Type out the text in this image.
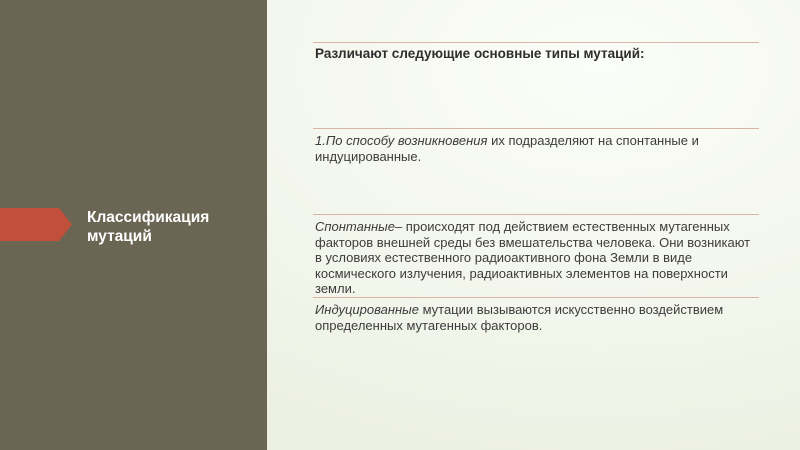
Классификация мутаций
Различают следующие основные типы мутаций:
1.По способу возникновения их подразделяют на спонтанные и индуцированные.
Спонтанные– происходят под действием естественных мутагенных факторов внешней среды без вмешательства человека. Они возникают в условиях естественного радиоактивного фона Земли в виде космического излучения, радиоактивных элементов на поверхности земли.
Индуцированные мутации вызываются искусственно воздействием определенных мутагенных факторов.
